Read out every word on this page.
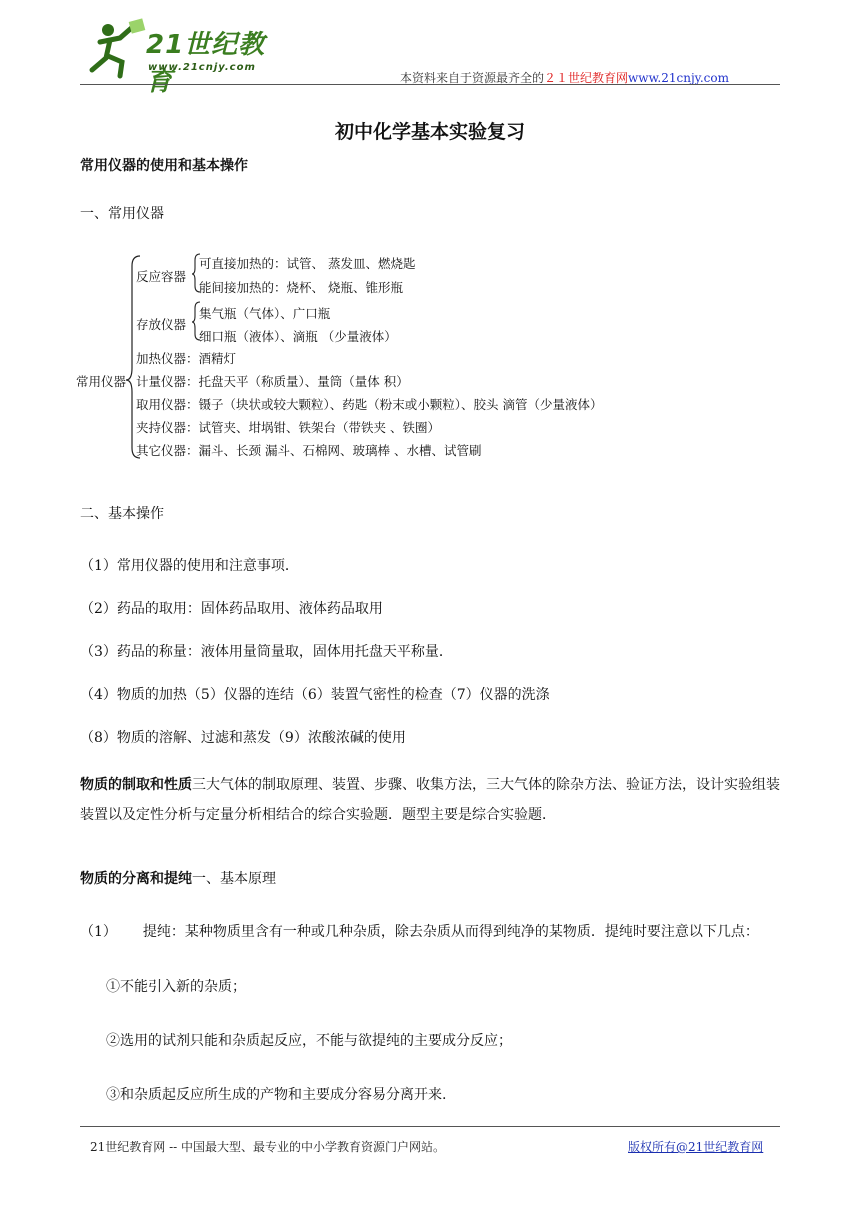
21世纪教育
www.21cnjy.com
本资料来自于资源最齐全的２１世纪教育网www.21cnjy.com
初中化学基本实验复习
常用仪器的使用和基本操作
一、常用仪器
常用仪器
反应容器
可直接加热的：试管、 蒸发皿、燃烧匙
能间接加热的：烧杯、 烧瓶、锥形瓶
存放仪器
集气瓶（气体）、广口瓶
细口瓶（液体）、滴瓶 （少量液体）
加热仪器：酒精灯
计量仪器：托盘天平（称质量）、量筒（量体 积）
取用仪器：镊子（块状或较大颗粒）、药匙（粉末或小颗粒）、胶头 滴管（少量液体）
夹持仪器：试管夹、坩埚钳、铁架台（带铁夹 、铁圈）
其它仪器：漏斗、长颈 漏斗、石棉网、玻璃棒 、水槽、试管刷
二、基本操作
（1）常用仪器的使用和注意事项．
（2）药品的取用：固体药品取用、液体药品取用
（3）药品的称量：液体用量筒量取，固体用托盘天平称量．
（4）物质的加热（5）仪器的连结（6）装置气密性的检查（7）仪器的洗涤
（8）物质的溶解、过滤和蒸发（9）浓酸浓碱的使用
物质的制取和性质三大气体的制取原理、装置、步骤、收集方法，三大气体的除杂方法、验证方法，设计实验组装装置以及定性分析与定量分析相结合的综合实验题．题型主要是综合实验题．
物质的分离和提纯一、基本原理
（1） 提纯：某种物质里含有一种或几种杂质，除去杂质从而得到纯净的某物质．提纯时要注意以下几点：
①不能引入新的杂质；
②选用的试剂只能和杂质起反应，不能与欲提纯的主要成分反应；
③和杂质起反应所生成的产物和主要成分容易分离开来.
21世纪教育网 -- 中国最大型、最专业的中小学教育资源门户网站。	版权所有@21世纪教育网
